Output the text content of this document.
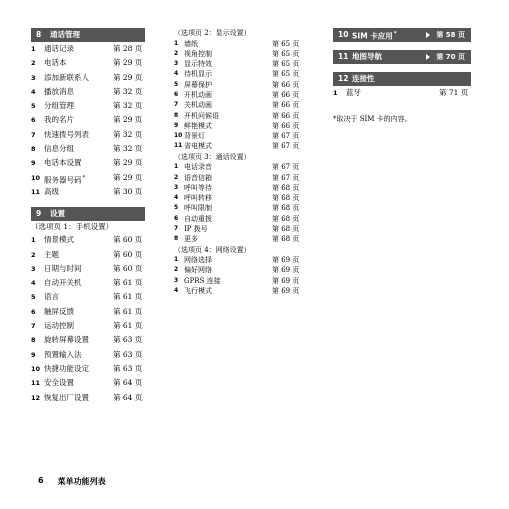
8	通话管理
1	通话记录	第 28 页
2	电话本	第 29 页
3	添加新联系人	第 29 页
4	播放消息	第 32 页
5	分组管理	第 32 页
6	我的名片	第 29 页
7	快速拨号列表	第 32 页
8	信息分组	第 32 页
9	电话本设置	第 29 页
10 服务器号码*	第 29 页
11 高级	第 30 页
9	设置
（选项页 1：手机设置）
1	情景模式	第 60 页
2	主题	第 60 页
3	日期与时间	第 60 页
4	自动开关机	第 61 页
5	语言	第 61 页
6	触屏反馈	第 61 页
7	运动控制	第 61 页
8	旋转屏幕设置	第 63 页
9	预置输入法	第 63 页
10 快捷功能设定	第 63 页
11 安全设置	第 64 页
12 恢复出厂设置	第 64 页
（选项页 2：显示设置）
1 墙纸	第 65 页
2 视角控制	第 65 页
3 显示特效	第 65 页
4 待机显示	第 65 页
5 屏幕保护	第 66 页
6 开机动画	第 66 页
7 关机动画	第 66 页
8 开机问候语	第 66 页
9 鲜艳模式	第 66 页
10 背景灯	第 67 页
11 省电模式	第 67 页
（选项页 3：通话设置）
1 电话录音	第 67 页
2 语音信箱	第 67 页
3 呼叫等待	第 68 页
4 呼叫转移	第 68 页
5 呼叫限制	第 68 页
6 自动重拨	第 68 页
7 IP 拨号	第 68 页
8 更多	第 68 页
（选项页 4：网络设置）
1 网络选择	第 69 页
2 偏好网络	第 69 页
3 GPRS 连接	第 69 页
4 飞行模式	第 69 页
10 SIM 卡应用*	第 58 页
11 地图导航	第 70 页
12 连接性
1	蓝牙	第 71 页
*取决于 SIM 卡的内容。
6 菜单功能列表
